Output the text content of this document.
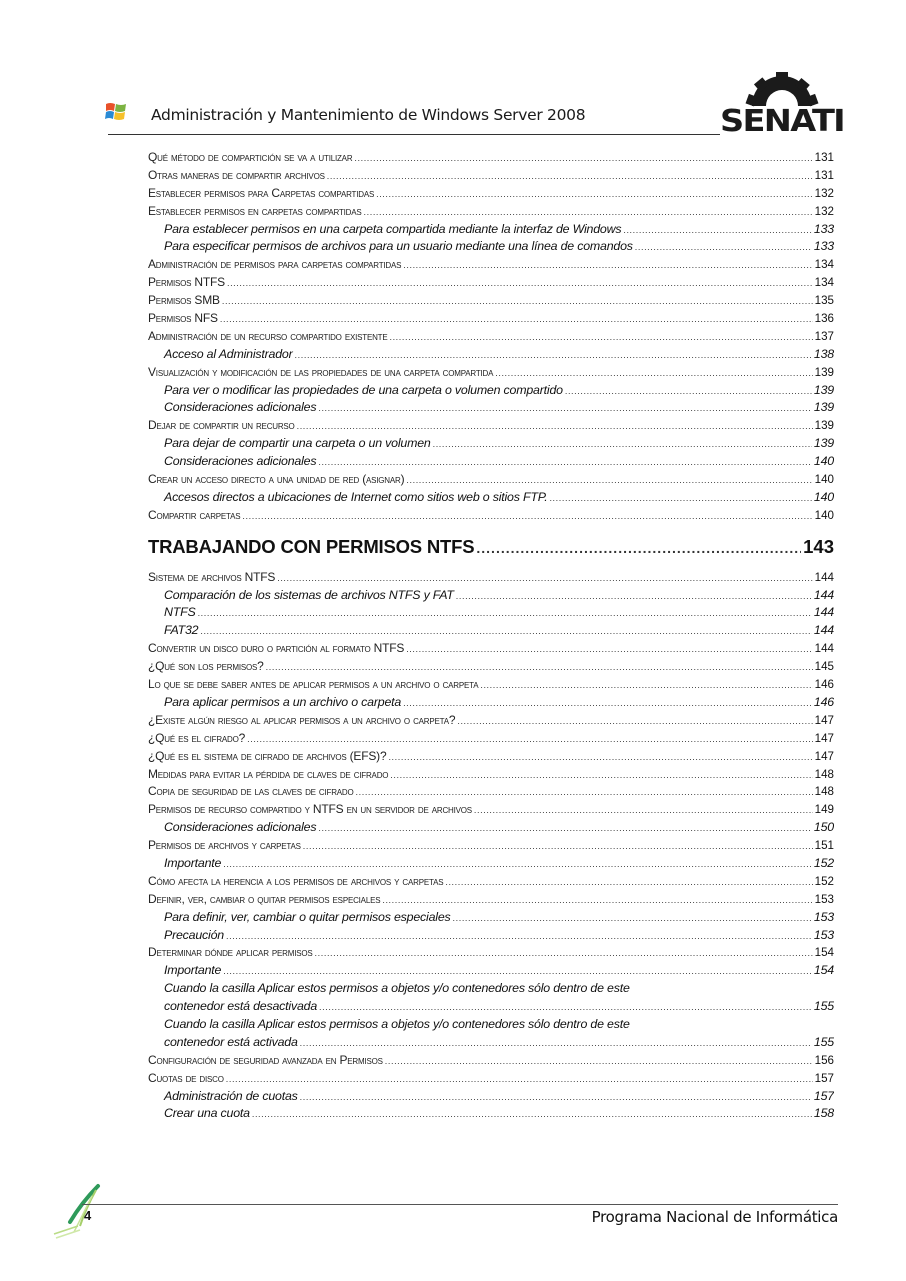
Administración y Mantenimiento de Windows Server 2008	SENATI
Qué método de compartición se va a utilizar .....	131
Otras maneras de compartir archivos .....	131
Establecer permisos para Carpetas compartidas .....	132
Establecer permisos en carpetas compartidas .....	132
Para establecer permisos en una carpeta compartida mediante la interfaz de Windows .....	133
Para especificar permisos de archivos para un usuario mediante una línea de comandos .....	133
Administración de permisos para carpetas compartidas .....	134
Permisos NTFS .....	134
Permisos SMB .....	135
Permisos NFS .....	136
Administración de un recurso compartido existente .....	137
Acceso al Administrador .....	138
Visualización y modificación de las propiedades de una carpeta compartida .....	139
Para ver o modificar las propiedades de una carpeta o volumen compartido .....	139
Consideraciones adicionales .....	139
Dejar de compartir un recurso .....	139
Para dejar de compartir una carpeta o un volumen .....	139
Consideraciones adicionales .....	140
Crear un acceso directo a una unidad de red (asignar) .....	140
Accesos directos a ubicaciones de Internet como sitios web o sitios FTP. .....	140
Compartir carpetas .....	140
TRABAJANDO CON PERMISOS NTFS .....	143
Sistema de archivos NTFS .....	144
Comparación de los sistemas de archivos NTFS y FAT .....	144
NTFS .....	144
FAT32 .....	144
Convertir un disco duro o partición al formato NTFS .....	144
¿Qué son los permisos? .....	145
Lo que se debe saber antes de aplicar permisos a un archivo o carpeta .....	146
Para aplicar permisos a un archivo o carpeta .....	146
¿Existe algún riesgo al aplicar permisos a un archivo o carpeta? .....	147
¿Qué es el cifrado? .....	147
¿Qué es el sistema de cifrado de archivos (EFS)? .....	147
Medidas para evitar la pérdida de claves de cifrado .....	148
Copia de seguridad de las claves de cifrado .....	148
Permisos de recurso compartido y NTFS en un servidor de archivos .....	149
Consideraciones adicionales .....	150
Permisos de archivos y carpetas .....	151
Importante .....	152
Cómo afecta la herencia a los permisos de archivos y carpetas .....	152
Definir, ver, cambiar o quitar permisos especiales .....	153
Para definir, ver, cambiar o quitar permisos especiales .....	153
Precaución .....	153
Determinar dónde aplicar permisos .....	154
Importante .....	154
Cuando la casilla Aplicar estos permisos a objetos y/o contenedores sólo dentro de este
contenedor está desactivada .....	155
Cuando la casilla Aplicar estos permisos a objetos y/o contenedores sólo dentro de este
contenedor está activada .....	155
Configuración de seguridad avanzada en Permisos .....	156
Cuotas de disco .....	157
Administración de cuotas .....	157
Crear una cuota .....	158
4	Programa Nacional de Informática
